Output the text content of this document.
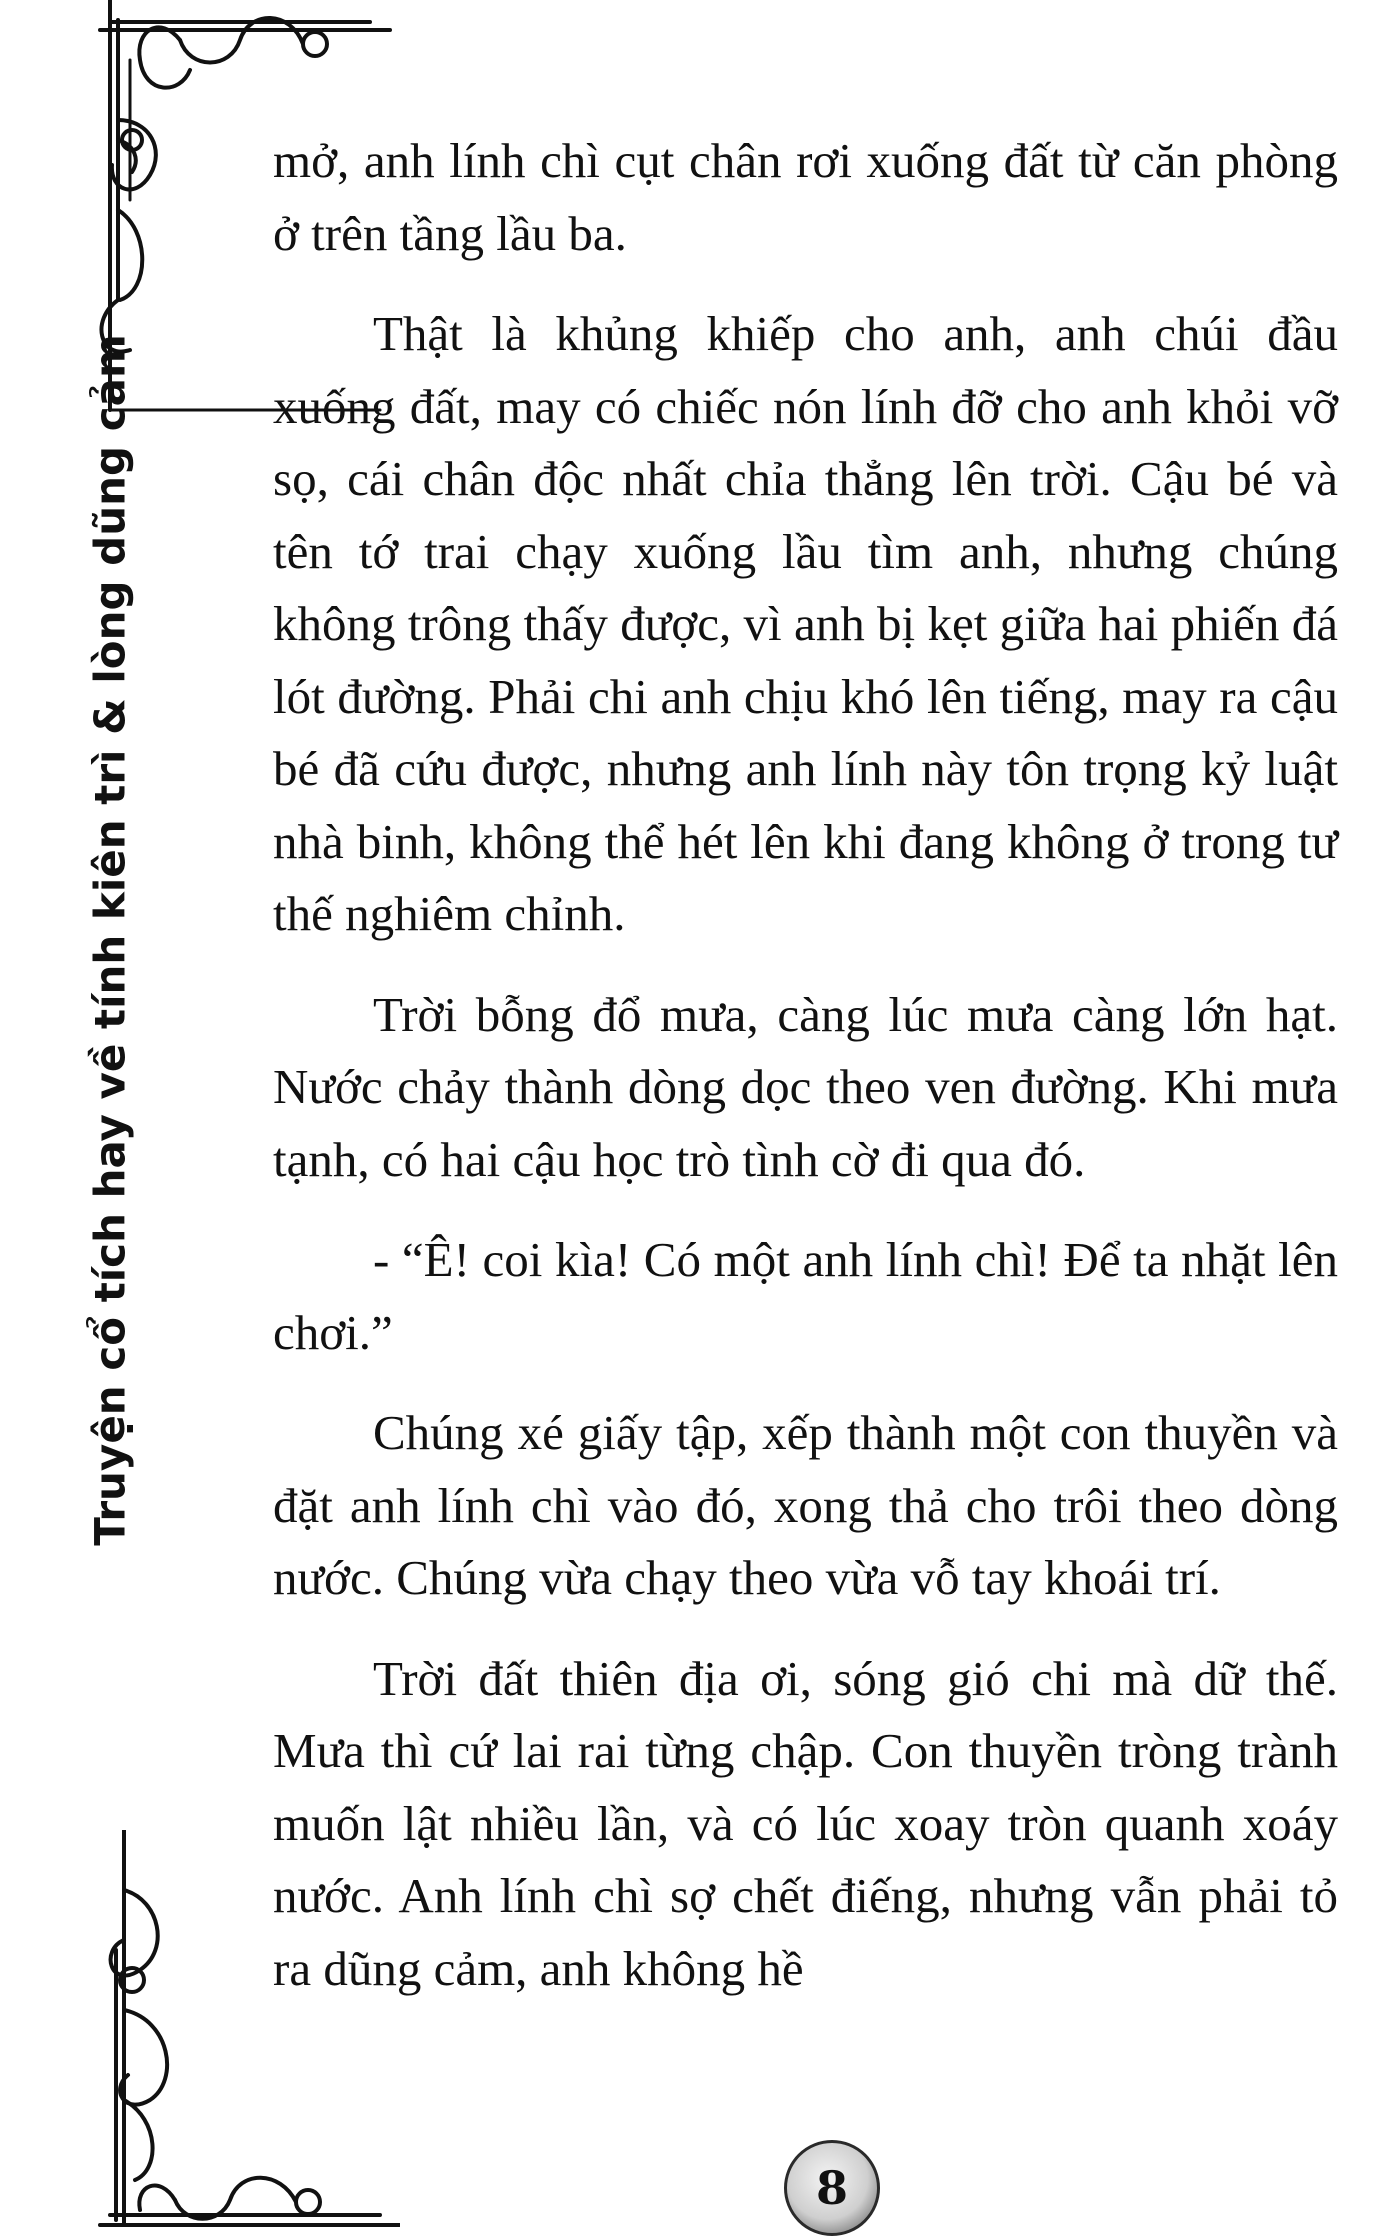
Truyện cổ tích hay về tính kiên trì & lòng dũng cảm

mở, anh lính chì cụt chân rơi xuống đất từ căn phòng ở trên tầng lầu ba.

Thật là khủng khiếp cho anh, anh chúi đầu xuống đất, may có chiếc nón lính đỡ cho anh khỏi vỡ sọ, cái chân độc nhất chỉa thẳng lên trời. Cậu bé và tên tớ trai chạy xuống lầu tìm anh, nhưng chúng không trông thấy được, vì anh bị kẹt giữa hai phiến đá lót đường. Phải chi anh chịu khó lên tiếng, may ra cậu bé đã cứu được, nhưng anh lính này tôn trọng kỷ luật nhà binh, không thể hét lên khi đang không ở trong tư thế nghiêm chỉnh.

Trời bỗng đổ mưa, càng lúc mưa càng lớn hạt. Nước chảy thành dòng dọc theo ven đường. Khi mưa tạnh, có hai cậu học trò tình cờ đi qua đó.

- “Ê! coi kìa! Có một anh lính chì! Để ta nhặt lên chơi.”

Chúng xé giấy tập, xếp thành một con thuyền và đặt anh lính chì vào đó, xong thả cho trôi theo dòng nước. Chúng vừa chạy theo vừa vỗ tay khoái trí.

Trời đất thiên địa ơi, sóng gió chi mà dữ thế. Mưa thì cứ lai rai từng chập. Con thuyền tròng trành muốn lật nhiều lần, và có lúc xoay tròn quanh xoáy nước. Anh lính chì sợ chết điếng, nhưng vẫn phải tỏ ra dũng cảm, anh không hề

8
